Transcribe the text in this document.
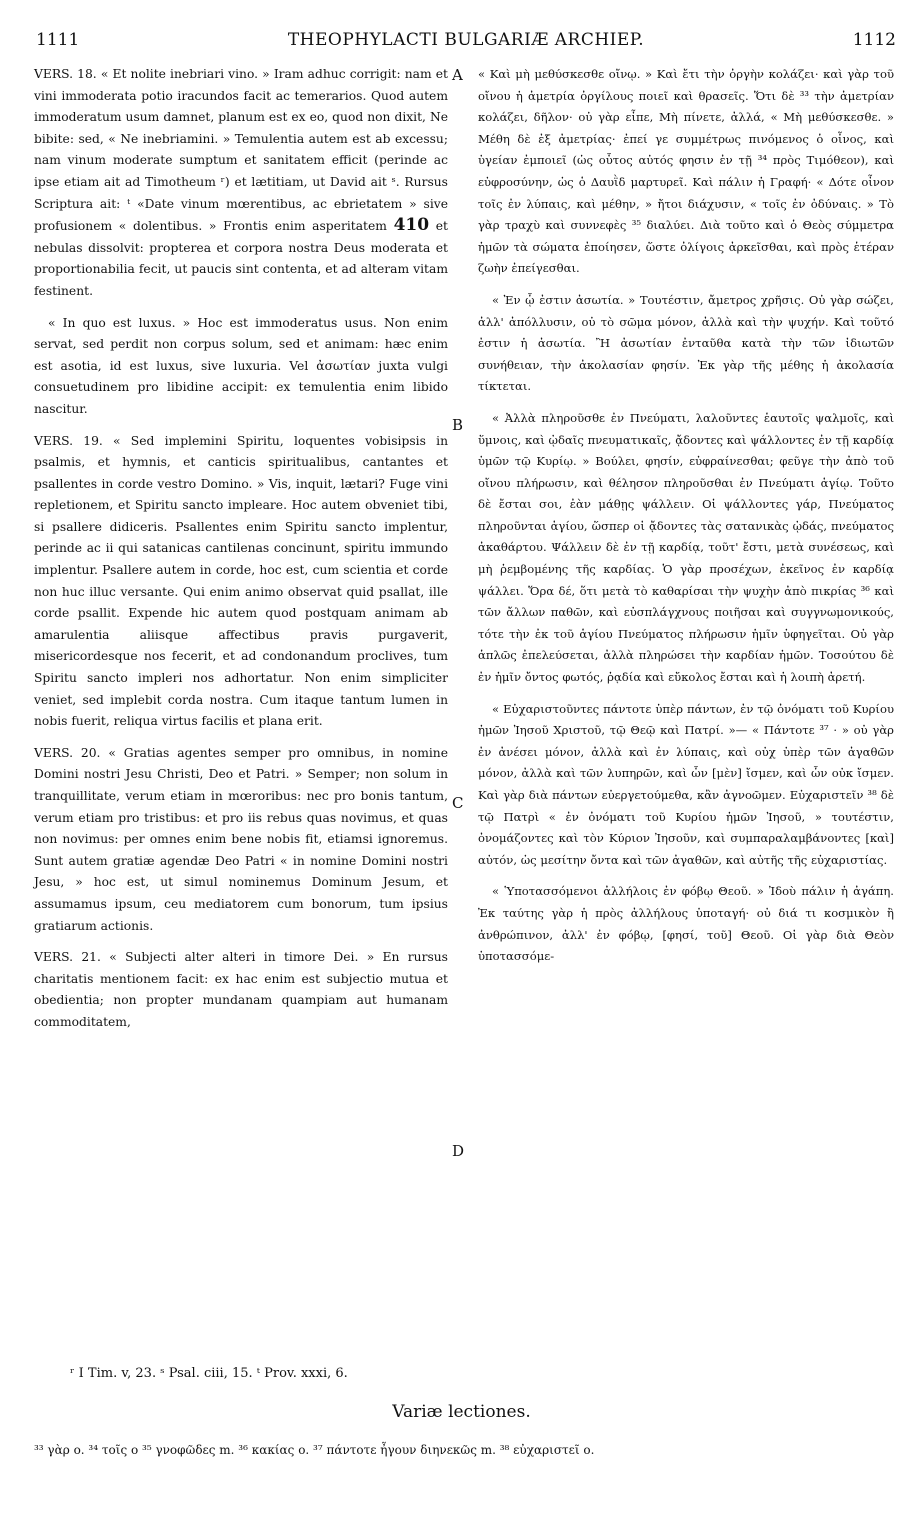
1111	THEOPHYLACTI BULGARIÆ ARCHIEP.	1112

VERS. 18. « Et nolite inebriari vino. » Iram adhuc corrigit: nam et vini immoderata potio iracundos facit ac temerarios. Quod autem immoderatum usum damnet, planum est ex eo, quod non dixit, Ne bibite: sed, « Ne inebriamini. » Temulentia autem est ab excessu; nam vinum moderate sumptum et sanitatem efficit (perinde ac ipse etiam ait ad Timotheum ʳ) et lætitiam, ut David ait ˢ. Rursus Scriptura ait: ᵗ «Date vinum mœrentibus, ac ebrietatem » sive profusionem « dolentibus. » Frontis enim asperitatem 410 et nebulas dissolvit: propterea et corpora nostra Deus moderata et proportionabilia fecit, ut paucis sint contenta, et ad alteram vitam festinent.

« In quo est luxus. » Hoc est immoderatus usus. Non enim servat, sed perdit non corpus solum, sed et animam: hæc enim est asotia, id est luxus, sive luxuria. Vel ἀσωτίαν juxta vulgi consuetudinem pro libidine accipit: ex temulentia enim libido nascitur.

VERS. 19. « Sed implemini Spiritu, loquentes vobisipsis in psalmis, et hymnis, et canticis spiritualibus, cantantes et psallentes in corde vestro Domino. » Vis, inquit, lætari? Fuge vini repletionem, et Spiritu sancto impleare. Hoc autem obveniet tibi, si psallere didiceris. Psallentes enim Spiritu sancto implentur, perinde ac ii qui satanicas cantilenas concinunt, spiritu immundo implentur. Psallere autem in corde, hoc est, cum scientia et corde non huc illuc versante. Qui enim animo observat quid psallat, ille corde psallit. Expende hic autem quod postquam animam ab amarulentia aliisque affectibus pravis purgaverit, misericordesque nos fecerit, et ad condonandum proclives, tum Spiritu sancto impleri nos adhortatur. Non enim simpliciter veniet, sed implebit corda nostra. Cum itaque tantum lumen in nobis fuerit, reliqua virtus facilis et plana erit.

VERS. 20. « Gratias agentes semper pro omnibus, in nomine Domini nostri Jesu Christi, Deo et Patri. » Semper; non solum in tranquillitate, verum etiam in mœroribus: nec pro bonis tantum, verum etiam pro tristibus: et pro iis rebus quas novimus, et quas non novimus: per omnes enim bene nobis fit, etiamsi ignoremus. Sunt autem gratiæ agendæ Deo Patri « in nomine Domini nostri Jesu, » hoc est, ut simul nominemus Dominum Jesum, et assumamus ipsum, ceu mediatorem cum bonorum, tum ipsius gratiarum actionis.

VERS. 21. « Subjecti alter alteri in timore Dei. » En rursus charitatis mentionem facit: ex hac enim est subjectio mutua et obedientia; non propter mundanam quampiam aut humanam commoditatem,

A
B
C
D

« Καὶ μὴ μεθύσκεσθε οἴνῳ. » Καὶ ἔτι τὴν ὀργὴν κολάζει· καὶ γὰρ τοῦ οἴνου ἡ ἀμετρία ὀργίλους ποιεῖ καὶ θρασεῖς. Ὅτι δὲ ³³ τὴν ἀμετρίαν κολάζει, δῆλον· οὐ γὰρ εἶπε, Μὴ πίνετε, ἀλλά, « Μὴ μεθύσκεσθε. » Μέθη δὲ ἐξ ἀμετρίας· ἐπεί γε συμμέτρως πινόμενος ὁ οἶνος, καὶ ὑγείαν ἐμποιεῖ (ὡς οὗτος αὐτός φησιν ἐν τῇ ³⁴ πρὸς Τιμόθεον), καὶ εὐφροσύνην, ὡς ὁ Δαυῒδ μαρτυρεῖ. Καὶ πάλιν ἡ Γραφή· « Δότε οἶνον τοῖς ἐν λύπαις, καὶ μέθην, » ἤτοι διάχυσιν, « τοῖς ἐν ὀδύναις. » Τὸ γὰρ τραχὺ καὶ συννεφὲς ³⁵ διαλύει. Διὰ τοῦτο καὶ ὁ Θεὸς σύμμετρα ἡμῶν τὰ σώματα ἐποίησεν, ὥστε ὀλίγοις ἀρκεῖσθαι, καὶ πρὸς ἑτέραν ζωὴν ἐπείγεσθαι.

« Ἐν ᾧ ἐστιν ἀσωτία. » Τουτέστιν, ἄμετρος χρῆσις. Οὐ γὰρ σώζει, ἀλλ' ἀπόλλυσιν, οὐ τὸ σῶμα μόνον, ἀλλὰ καὶ τὴν ψυχήν. Καὶ τοῦτό ἐστιν ἡ ἀσωτία. Ἢ ἀσωτίαν ἐνταῦθα κατὰ τὴν τῶν ἰδιωτῶν συνήθειαν, τὴν ἀκολασίαν φησίν. Ἐκ γὰρ τῆς μέθης ἡ ἀκολασία τίκτεται.

« Ἀλλὰ πληροῦσθε ἐν Πνεύματι, λαλοῦντες ἑαυτοῖς ψαλμοῖς, καὶ ὕμνοις, καὶ ᾠδαῖς πνευματικαῖς, ᾄδοντες καὶ ψάλλοντες ἐν τῇ καρδίᾳ ὑμῶν τῷ Κυρίῳ. » Βούλει, φησίν, εὐφραίνεσθαι; φεῦγε τὴν ἀπὸ τοῦ οἴνου πλήρωσιν, καὶ θέλησον πληροῦσθαι ἐν Πνεύματι ἁγίῳ. Τοῦτο δὲ ἔσται σοι, ἐὰν μάθῃς ψάλλειν. Οἱ ψάλλοντες γάρ, Πνεύματος πληροῦνται ἁγίου, ὥσπερ οἱ ᾄδοντες τὰς σατανικὰς ᾠδάς, πνεύματος ἀκαθάρτου. Ψάλλειν δὲ ἐν τῇ καρδίᾳ, τοῦτ' ἔστι, μετὰ συνέσεως, καὶ μὴ ῥεμβομένης τῆς καρδίας. Ὁ γὰρ προσέχων, ἐκεῖνος ἐν καρδίᾳ ψάλλει. Ὅρα δέ, ὅτι μετὰ τὸ καθαρίσαι τὴν ψυχὴν ἀπὸ πικρίας ³⁶ καὶ τῶν ἄλλων παθῶν, καὶ εὐσπλάγχνους ποιῆσαι καὶ συγγνωμονικούς, τότε τὴν ἐκ τοῦ ἁγίου Πνεύματος πλήρωσιν ἡμῖν ὑφηγεῖται. Οὐ γὰρ ἁπλῶς ἐπελεύσεται, ἀλλὰ πληρώσει τὴν καρδίαν ἡμῶν. Τοσούτου δὲ ἐν ἡμῖν ὄντος φωτός, ῥᾳδία καὶ εὔκολος ἔσται καὶ ἡ λοιπὴ ἀρετή.

« Εὐχαριστοῦντες πάντοτε ὑπὲρ πάντων, ἐν τῷ ὀνόματι τοῦ Κυρίου ἡμῶν Ἰησοῦ Χριστοῦ, τῷ Θεῷ καὶ Πατρί. »— « Πάντοτε ³⁷ · » οὐ γὰρ ἐν ἀνέσει μόνον, ἀλλὰ καὶ ἐν λύπαις, καὶ οὐχ ὑπὲρ τῶν ἀγαθῶν μόνον, ἀλλὰ καὶ τῶν λυπηρῶν, καὶ ὧν [μὲν] ἴσμεν, καὶ ὧν οὐκ ἴσμεν. Καὶ γὰρ διὰ πάντων εὐεργετούμεθα, κἂν ἀγνοῶμεν. Εὐχαριστεῖν ³⁸ δὲ τῷ Πατρὶ « ἐν ὀνόματι τοῦ Κυρίου ἡμῶν Ἰησοῦ, » τουτέστιν, ὀνομάζοντες καὶ τὸν Κύριον Ἰησοῦν, καὶ συμπαραλαμβάνοντες [καὶ] αὐτόν, ὡς μεσίτην ὄντα καὶ τῶν ἀγαθῶν, καὶ αὐτῆς τῆς εὐχαριστίας.

« Ὑποτασσόμενοι ἀλλήλοις ἐν φόβῳ Θεοῦ. » Ἰδοὺ πάλιν ἡ ἀγάπη. Ἐκ ταύτης γὰρ ἡ πρὸς ἀλλήλους ὑποταγή· οὐ διά τι κοσμικὸν ἢ ἀνθρώπινον, ἀλλ' ἐν φόβῳ, [φησί, τοῦ] Θεοῦ. Οἱ γὰρ διὰ Θεὸν ὑποτασσόμε-

ʳ I Tim. v, 23. ˢ Psal. ciii, 15. ᵗ Prov. xxxi, 6.
Variæ lectiones.
³³ γὰρ ο. ³⁴ τοῖς ο ³⁵ γνοφῶδες m. ³⁶ κακίας ο. ³⁷ πάντοτε ἦγουν διηνεκῶς m. ³⁸ εὐχαριστεῖ ο.
